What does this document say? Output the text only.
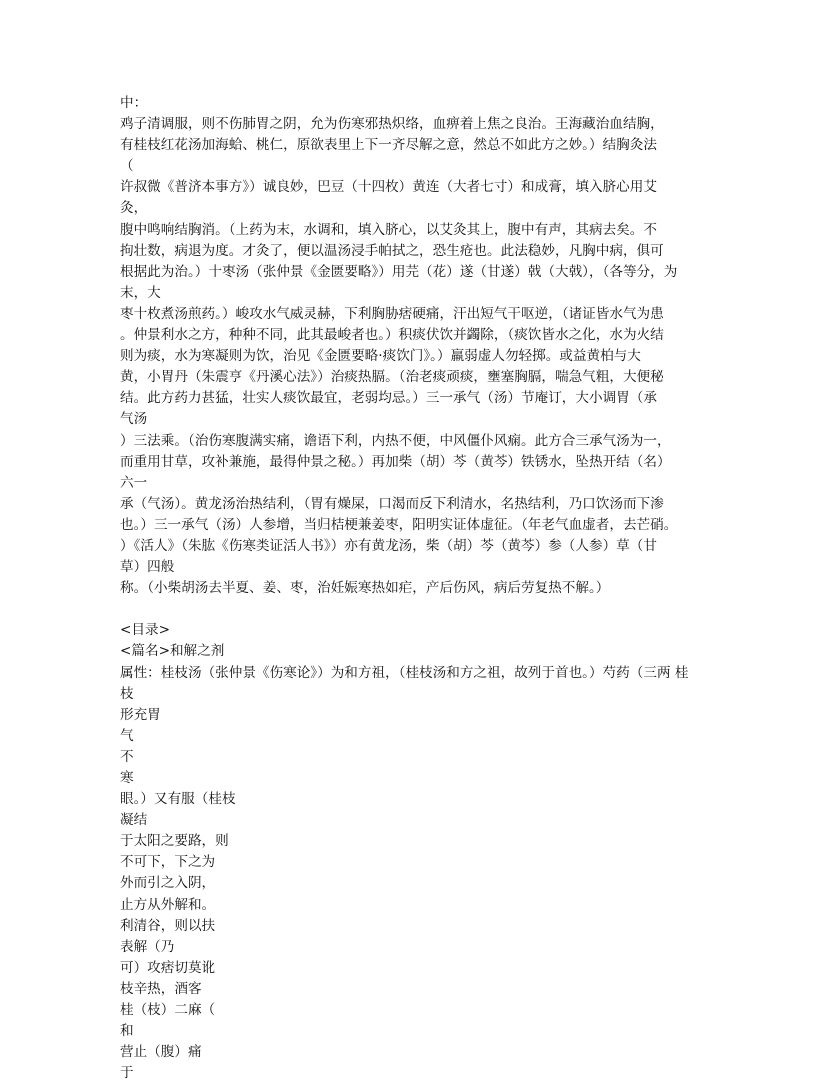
中：
鸡子清调服，则不伤肺胃之阴，允为伤寒邪热炽络，血痹着上焦之良治。王海藏治血结胸，
有桂枝红花汤加海蛤、桃仁，原欲表里上下一齐尽解之意，然总不如此方之妙。）结胸灸法
（
许叔微《普济本事方》）诚良妙，巴豆（十四枚）黄连（大者七寸）和成膏，填入脐心用艾
灸，
腹中鸣响结胸消。（上药为末，水调和，填入脐心，以艾灸其上，腹中有声，其病去矣。不
拘壮数，病退为度。才灸了，便以温汤浸手帕拭之，恐生疮也。此法稳妙，凡胸中病，俱可
根据此为治。）十枣汤（张仲景《金匮要略》）用芫（花）遂（甘遂）戟（大戟），（各等分，为
末，大
枣十枚煮汤煎药。）峻攻水气威灵赫，下利胸胁痞硬痛，汗出短气干呕逆，（诸证皆水气为患
。仲景利水之方，种种不同，此其最峻者也。）积痰伏饮并蠲除，（痰饮皆水之化，水为火结
则为痰，水为寒凝则为饮，治见《金匮要略·痰饮门》。）羸弱虚人勿轻掷。或益黄柏与大
黄，小胃丹（朱震亨《丹溪心法》）治痰热膈。（治老痰顽痰，壅塞胸膈，喘急气粗，大便秘
结。此方药力甚猛，壮实人痰饮最宜，老弱均忌。）三一承气（汤）节庵订，大小调胃（承
气汤
）三法乘。（治伤寒腹满实痛，谵语下利，内热不便，中风僵仆风痫。此方合三承气汤为一，
而重用甘草，攻补兼施，最得仲景之秘。）再加柴（胡）芩（黄芩）铁锈水，坠热开结（名）
六一
承（气汤）。黄龙汤治热结利，（胃有燥屎，口渴而反下利清水，名热结利，乃口饮汤而下渗
也。）三一承气（汤）人参增，当归桔梗兼姜枣，阳明实证体虚征。（年老气血虚者，去芒硝。
）《活人》（朱肱《伤寒类证活人书》）亦有黄龙汤，柴（胡）芩（黄芩）参（人参）草（甘
草）四般
称。（小柴胡汤去半夏、姜、枣，治妊娠寒热如疟，产后伤风，病后劳复热不解。）
<目录>
<篇名>和解之剂
属性：桂枝汤（张仲景《伤寒论》）为和方祖，（桂枝汤和方之祖，故列于首也。）芍药（三两 桂
枝
形充胃
气
不
寒
眼。）又有服（桂枝
凝结
于太阳之要路，则
不可下，下之为
外而引之入阴，
止方从外解和。
利清谷，则以扶
表解（乃
可）攻痞切莫讹
枝辛热，酒客
桂（枝）二麻（
和
营止（腹）痛
于
